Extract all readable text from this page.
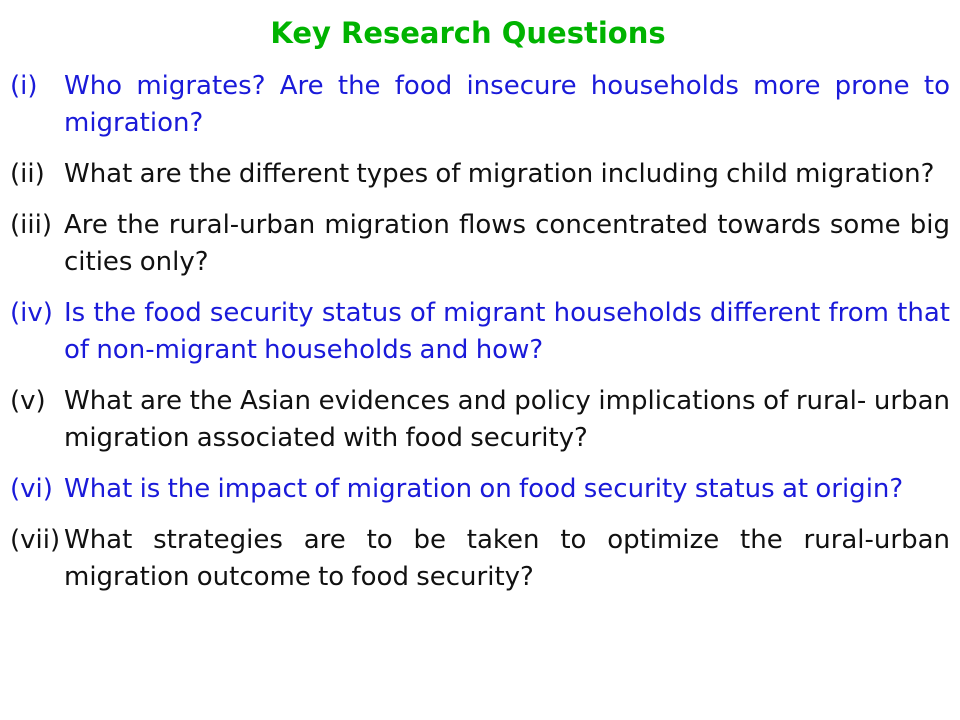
Key Research Questions
(i) Who migrates? Are the food insecure households more prone to migration?
(ii) What are the different types of migration including child migration?
(iii) Are the rural-urban migration flows concentrated towards some big cities only?
(iv) Is the food security status of migrant households different from that of non-migrant households and how?
(v) What are the Asian evidences and policy implications of rural- urban migration associated with food security?
(vi) What is the impact of migration on food security status at origin?
(vii) What strategies are to be taken to optimize the rural-urban migration outcome to food security?
